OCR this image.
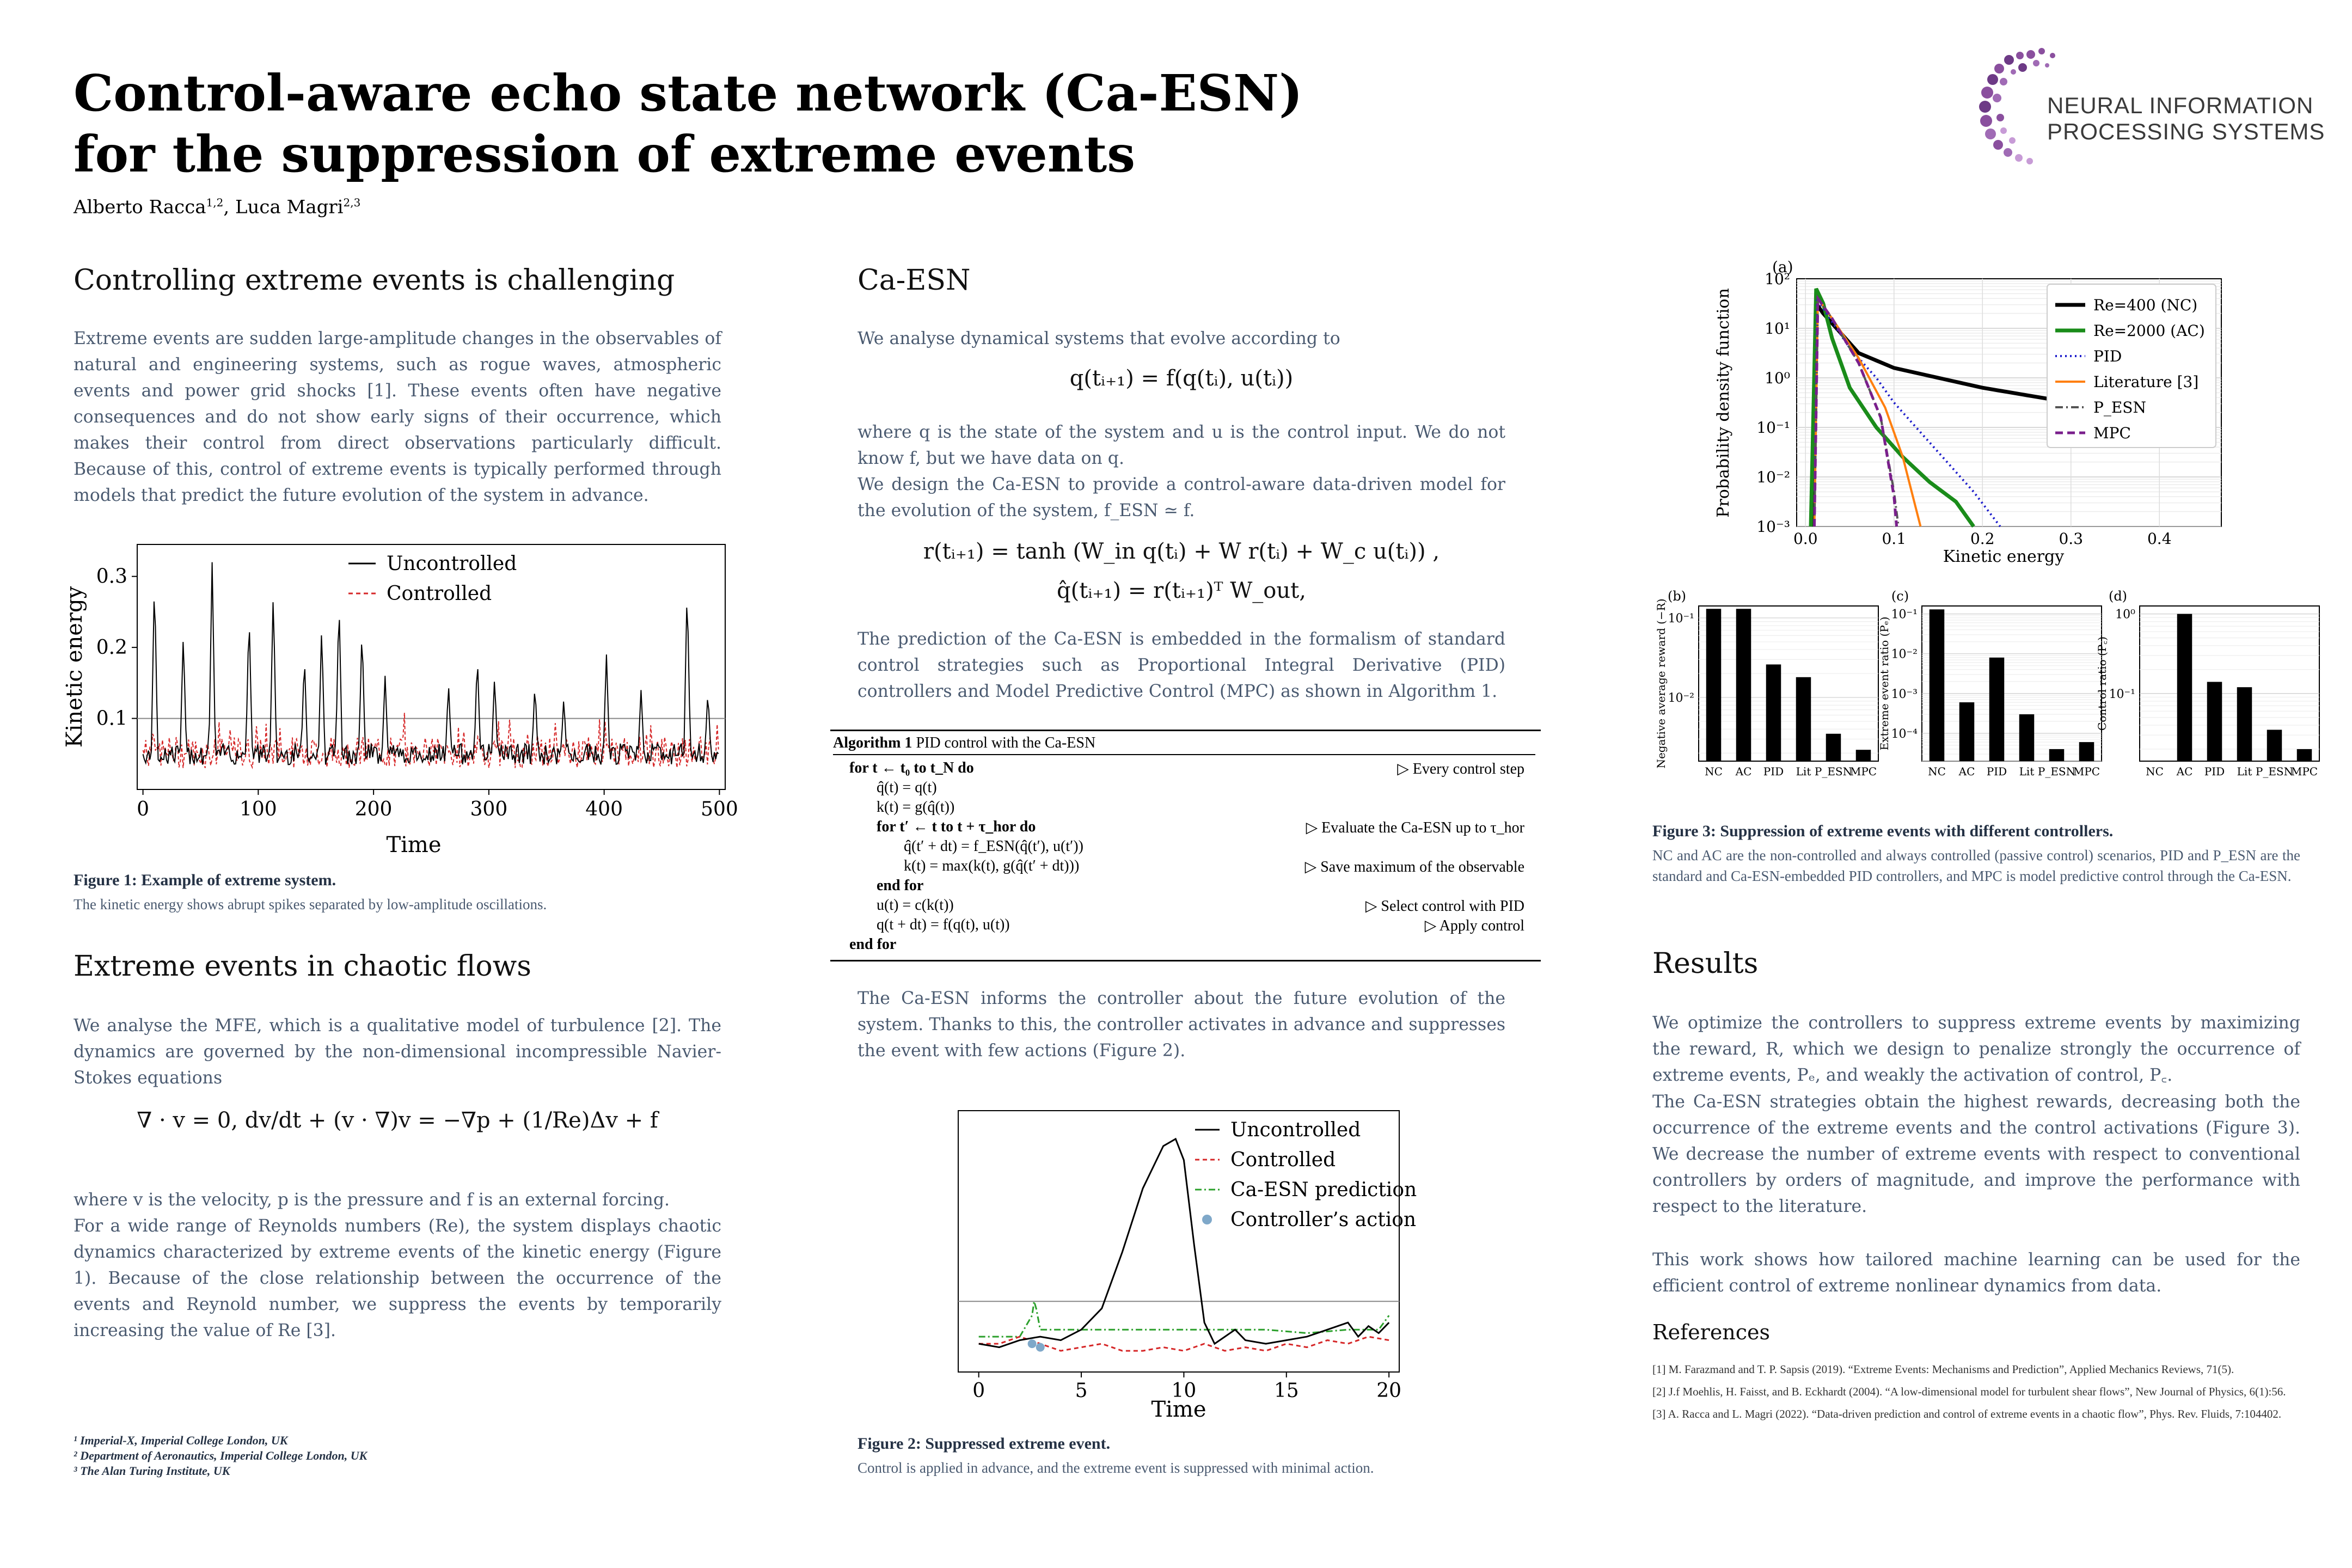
Control-aware echo state network (Ca-ESN)
for the suppression of extreme events
Alberto Racca$^{1,2}$, Luca Magri$^{2,3}$
NEURAL INFORMATION
PROCESSING SYSTEMS
Controlling extreme events is challenging
Extreme events are sudden large-amplitude changes in the observables of natural and engineering systems, such as rogue waves, atmospheric events and power grid shocks [1]. These events often have negative consequences and do not show early signs of their occurrence, which makes their control from direct observations particularly difficult. Because of this, control of extreme events is typically performed through models that predict the future evolution of the system in advance.
0	100	200	300	400	500
0.1
0.2
0.3
Uncontrolled
Controlled
Time
Kinetic energy
Figure 1: Example of extreme system.
The kinetic energy shows abrupt spikes separated by low-amplitude oscillations.
Extreme events in chaotic flows
We analyse the MFE, which is a qualitative model of turbulence [2]. The dynamics are governed by the non-dimensional incompressible Navier-Stokes equations
∇ · v = 0, dv/dt + (v · ∇)v = −∇p + (1/Re)Δv + f
where v is the velocity, p is the pressure and f is an external forcing.
For a wide range of Reynolds numbers (Re), the system displays chaotic dynamics characterized by extreme events of the kinetic energy (Figure 1). Because of the close relationship between the occurrence of the events and Reynold number, we suppress the events by temporarily increasing the value of Re [3].
¹ Imperial-X, Imperial College London, UK
² Department of Aeronautics, Imperial College London, UK
³ The Alan Turing Institute, UK
Ca-ESN
We analyse dynamical systems that evolve according to
q(tᵢ₊₁) = f(q(tᵢ), u(tᵢ))
where q is the state of the system and u is the control input. We do not know f, but we have data on q.
We design the Ca-ESN to provide a control-aware data-driven model for the evolution of the system, f_ESN ≃ f.
r(tᵢ₊₁) = tanh (W_in q(tᵢ) + W r(tᵢ) + W_c u(tᵢ)) ,
q̂(tᵢ₊₁) = r(tᵢ₊₁)ᵀ W_out,
The prediction of the Ca-ESN is embedded in the formalism of standard control strategies such as Proportional Integral Derivative (PID) controllers and Model Predictive Control (MPC) as shown in Algorithm 1.
Algorithm 1 PID control with the Ca-ESN
for t ← t₀ to t_N do	▷ Every control step
q̂(t) = q(t)
k(t) = g(q̂(t))
for t′ ← t to t + τ_hor do	▷ Evaluate the Ca-ESN up to τ_hor
q̂(t′ + dt) = f_ESN(q̂(t′), u(t′))
k(t) = max(k(t), g(q̂(t′ + dt)))	▷ Save maximum of the observable
end for
u(t) = c(k(t))	▷ Select control with PID
q(t + dt) = f(q(t), u(t))	▷ Apply control
end for
The Ca-ESN informs the controller about the future evolution of the system. Thanks to this, the controller activates in advance and suppresses the event with few actions (Figure 2).
0	5	10	15	20
Uncontrolled
Controlled
Ca-ESN prediction
Controller’s action
Time
Figure 2: Suppressed extreme event.
Control is applied in advance, and the extreme event is suppressed with minimal action.
0.0	0.1	0.2	0.3	0.4
10²
10¹
10⁰
10⁻¹
10⁻²
10⁻³
(a)
Re=400 (NC)
Re=2000 (AC)
PID
Literature [3]
P_ESN
MPC
Kinetic energy
Probability density function
NC AC PID Lit P_ESN
MPC
10⁻¹
10⁻²
(b)
Negative average reward (−R)
NC AC PID Lit P_ESN
MPC
10⁻¹
10⁻²
10⁻³
10⁻⁴
(c)
Extreme event ratio (Pₑ)
NC AC PID Lit P_ESN
MPC
10⁰
10⁻¹
(d)
Control ratio (P꜀)
Figure 3: Suppression of extreme events with different controllers.
NC and AC are the non-controlled and always controlled (passive control) scenarios, PID and P_ESN are the standard and Ca-ESN-embedded PID controllers, and MPC is model predictive control through the Ca-ESN.
Results
We optimize the controllers to suppress extreme events by maximizing the reward, R, which we design to penalize strongly the occurrence of extreme events, Pₑ, and weakly the activation of control, P꜀.
The Ca-ESN strategies obtain the highest rewards, decreasing both the occurrence of the extreme events and the control activations (Figure 3). We decrease the number of extreme events with respect to conventional controllers by orders of magnitude, and improve the performance with respect to the literature.
This work shows how tailored machine learning can be used for the efficient control of extreme nonlinear dynamics from data.
References
[1] M. Farazmand and T. P. Sapsis (2019). “Extreme Events: Mechanisms and Prediction”, Applied Mechanics Reviews, 71(5).
[2] J.f Moehlis, H. Faisst, and B. Eckhardt (2004). “A low-dimensional model for turbulent shear flows”, New Journal of Physics, 6(1):56.
[3] A. Racca and L. Magri (2022). “Data-driven prediction and control of extreme events in a chaotic flow”, Phys. Rev. Fluids, 7:104402.
